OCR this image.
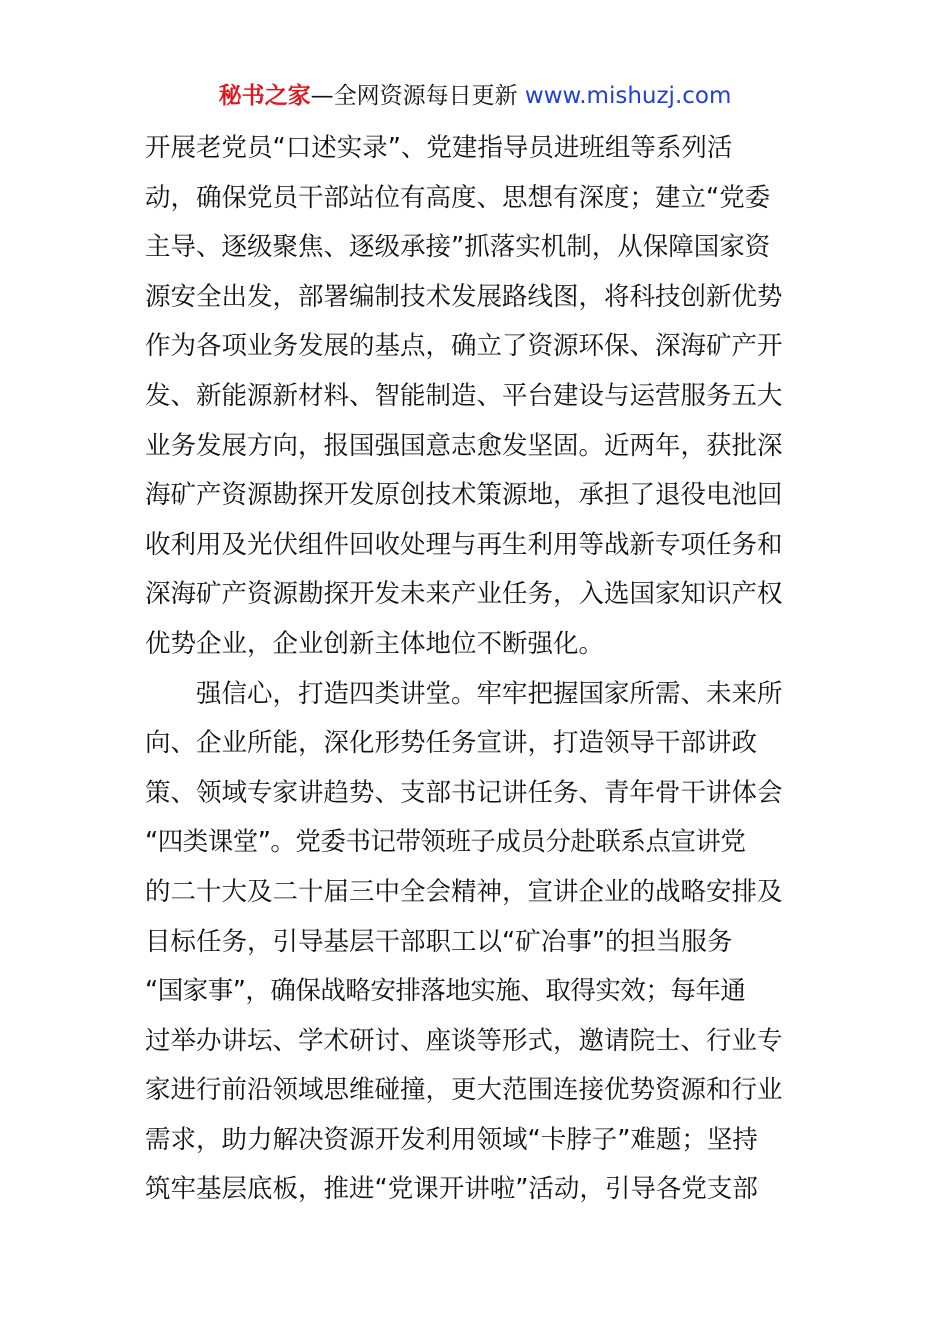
秘书之家—全网资源每日更新 www.mishuzj.com
开展老党员“口述实录”、党建指导员进班组等系列活
动，确保党员干部站位有高度、思想有深度；建立“党委
主导、逐级聚焦、逐级承接”抓落实机制，从保障国家资
源安全出发，部署编制技术发展路线图，将科技创新优势
作为各项业务发展的基点，确立了资源环保、深海矿产开
发、新能源新材料、智能制造、平台建设与运营服务五大
业务发展方向，报国强国意志愈发坚固。近两年，获批深
海矿产资源勘探开发原创技术策源地，承担了退役电池回
收利用及光伏组件回收处理与再生利用等战新专项任务和
深海矿产资源勘探开发未来产业任务，入选国家知识产权
优势企业，企业创新主体地位不断强化。
强信心，打造四类讲堂。牢牢把握国家所需、未来所
向、企业所能，深化形势任务宣讲，打造领导干部讲政
策、领域专家讲趋势、支部书记讲任务、青年骨干讲体会
“四类课堂”。党委书记带领班子成员分赴联系点宣讲党
的二十大及二十届三中全会精神，宣讲企业的战略安排及
目标任务，引导基层干部职工以“矿冶事”的担当服务
“国家事”，确保战略安排落地实施、取得实效；每年通
过举办讲坛、学术研讨、座谈等形式，邀请院士、行业专
家进行前沿领域思维碰撞，更大范围连接优势资源和行业
需求，助力解决资源开发利用领域“卡脖子”难题；坚持
筑牢基层底板，推进“党课开讲啦”活动，引导各党支部
